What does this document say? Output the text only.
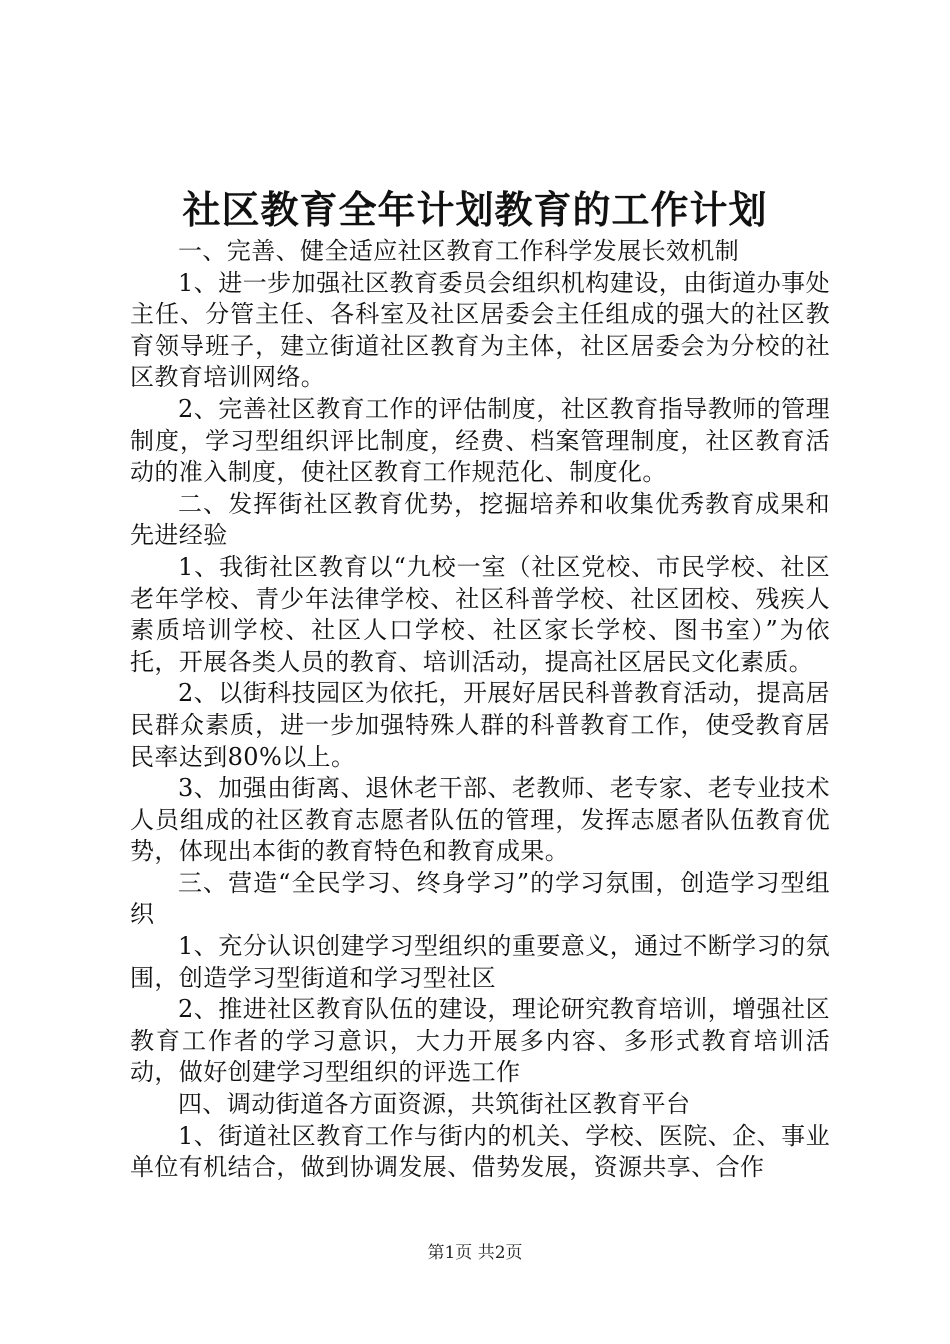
社区教育全年计划教育的工作计划

一、完善、健全适应社区教育工作科学发展长效机制

1、进一步加强社区教育委员会组织机构建设，由街道办事处主任、分管主任、各科室及社区居委会主任组成的强大的社区教育领导班子，建立街道社区教育为主体，社区居委会为分校的社区教育培训网络。

2、完善社区教育工作的评估制度，社区教育指导教师的管理制度，学习型组织评比制度，经费、档案管理制度，社区教育活动的准入制度，使社区教育工作规范化、制度化。

二、发挥街社区教育优势，挖掘培养和收集优秀教育成果和先进经验

1、我街社区教育以“九校一室（社区党校、市民学校、社区老年学校、青少年法律学校、社区科普学校、社区团校、残疾人素质培训学校、社区人口学校、社区家长学校、图书室）”为依托，开展各类人员的教育、培训活动，提高社区居民文化素质。

2、以街科技园区为依托，开展好居民科普教育活动，提高居民群众素质，进一步加强特殊人群的科普教育工作，使受教育居民率达到80%以上。

3、加强由街离、退休老干部、老教师、老专家、老专业技术人员组成的社区教育志愿者队伍的管理，发挥志愿者队伍教育优势，体现出本街的教育特色和教育成果。

三、营造“全民学习、终身学习”的学习氛围，创造学习型组织

1、充分认识创建学习型组织的重要意义，通过不断学习的氛围，创造学习型街道和学习型社区

2、推进社区教育队伍的建设，理论研究教育培训，增强社区教育工作者的学习意识，大力开展多内容、多形式教育培训活动，做好创建学习型组织的评选工作

四、调动街道各方面资源，共筑街社区教育平台

1、街道社区教育工作与街内的机关、学校、医院、企、事业单位有机结合，做到协调发展、借势发展，资源共享、合作

第1页 共2页
